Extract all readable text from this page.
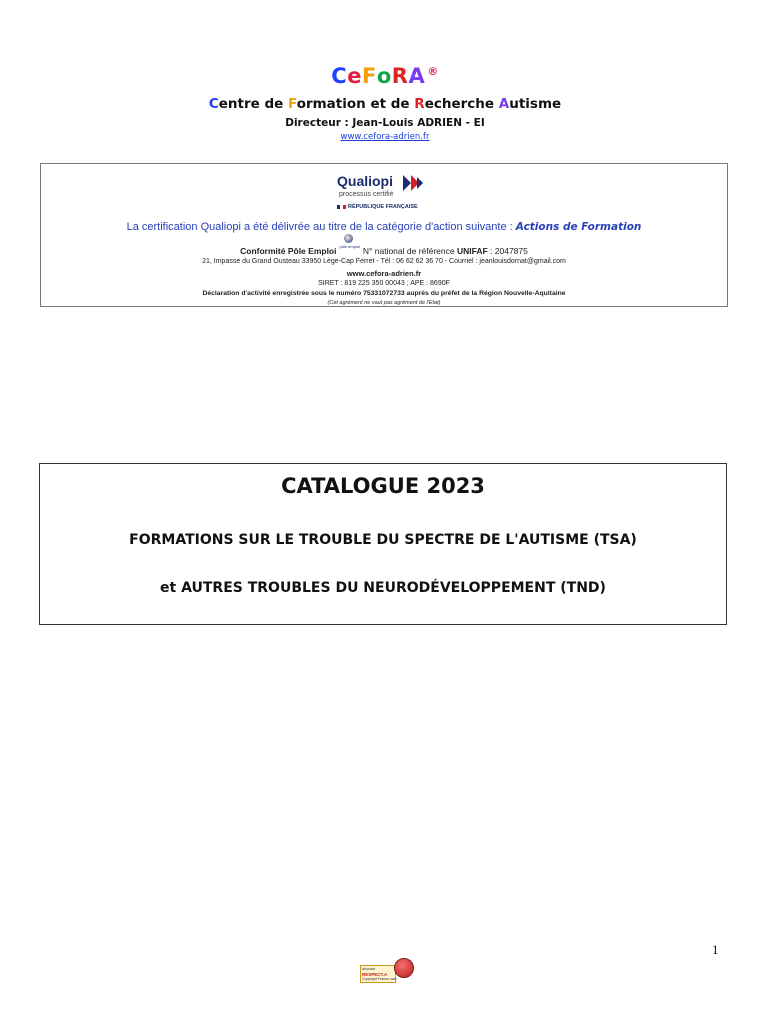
CeFoRA ®
Centre de Formation et de Recherche Autisme
Directeur : Jean-Louis ADRIEN - EI
www.cefora-adrien.fr
Qualiopi
processus certifié
RÉPUBLIQUE FRANÇAISE
La certification Qualiopi a été délivrée au titre de la catégorie d'action suivante : Actions de Formation
Conformité Pôle Emploi pôle emploi N° national de référence UNIFAF : 2047875
21, Impasse du Grand Ousteau 33950 Lège-Cap Ferret - Tél : 06 62 62 36 70 - Courriel : jeanlouisdornat@gmail.com
www.cefora-adrien.fr
SIRET : 819 225 350 00043 ; APE : 8690F
Déclaration d'activité enregistrée sous le numéro 75331072733 auprès du préfet de la Région Nouvelle-Aquitaine
(Cet agrément ne vaut pas agrément de l'Etat)
CATALOGUE 2023
FORMATIONS SUR LE TROUBLE DU SPECTRE DE L'AUTISME (TSA)
et AUTRES TROUBLES DU NEURODÉVELOPPEMENT (TND)
1
déposé
RESPECT.A
Copyright France.com
